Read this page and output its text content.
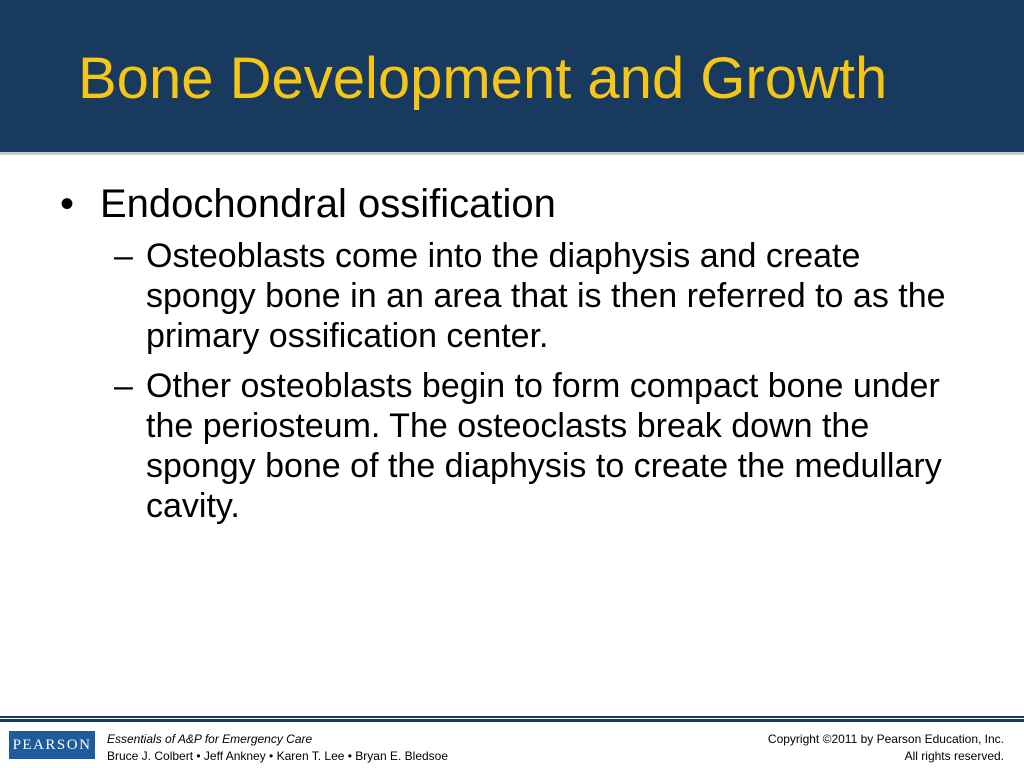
Bone Development and Growth
• Endochondral ossification
– Osteoblasts come into the diaphysis and create spongy bone in an area that is then referred to as the primary ossification center.
– Other osteoblasts begin to form compact bone under the periosteum. The osteoclasts break down the spongy bone of the diaphysis to create the medullary cavity.
PEARSON Essentials of A&P for Emergency Care
Bruce J. Colbert • Jeff Ankney • Karen T. Lee • Bryan E. Bledsoe
Copyright ©2011 by Pearson Education, Inc.
All rights reserved.
